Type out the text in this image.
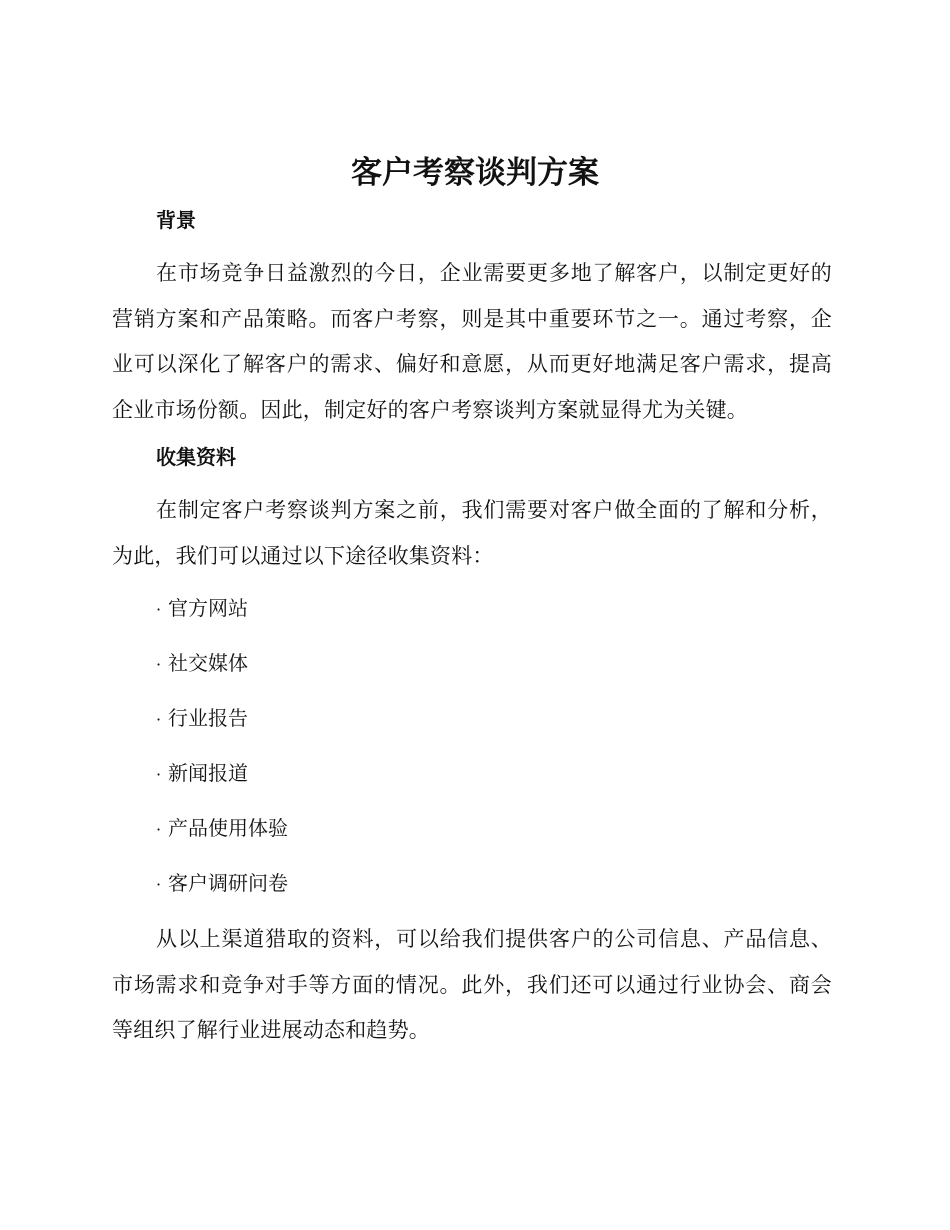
客户考察谈判方案
背景

在市场竞争日益激烈的今日，企业需要更多地了解客户，以制定更好的营销方案和产品策略。而客户考察，则是其中重要环节之一。通过考察，企业可以深化了解客户的需求、偏好和意愿，从而更好地满足客户需求，提高企业市场份额。因此，制定好的客户考察谈判方案就显得尤为关键。

收集资料

在制定客户考察谈判方案之前，我们需要对客户做全面的了解和分析，为此，我们可以通过以下途径收集资料：

· 官方网站
· 社交媒体
· 行业报告
· 新闻报道
· 产品使用体验
· 客户调研问卷

从以上渠道猎取的资料，可以给我们提供客户的公司信息、产品信息、市场需求和竞争对手等方面的情况。此外，我们还可以通过行业协会、商会等组织了解行业进展动态和趋势。
